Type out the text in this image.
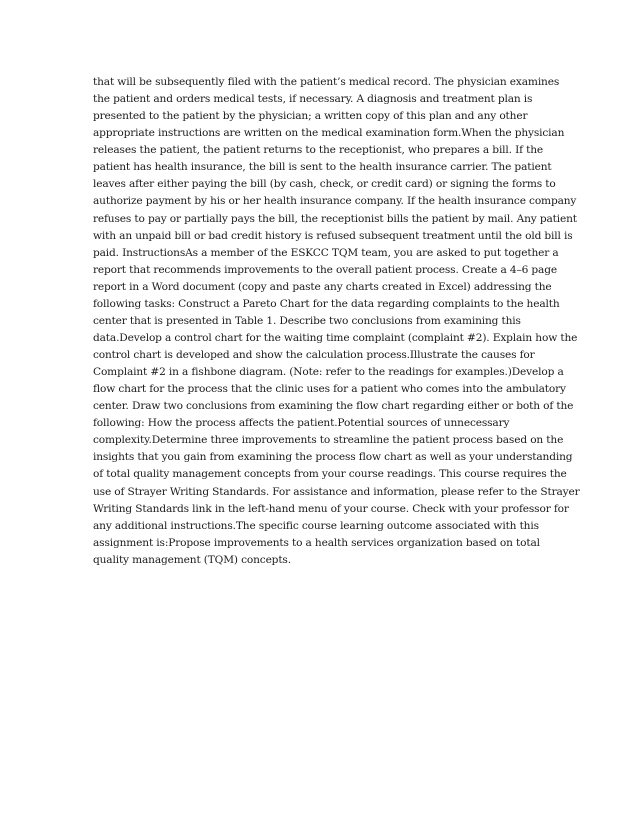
that will be subsequently filed with the patient’s medical record. The physician examines
the patient and orders medical tests, if necessary. A diagnosis and treatment plan is
presented to the patient by the physician; a written copy of this plan and any other
appropriate instructions are written on the medical examination form.When the physician
releases the patient, the patient returns to the receptionist, who prepares a bill. If the
patient has health insurance, the bill is sent to the health insurance carrier. The patient
leaves after either paying the bill (by cash, check, or credit card) or signing the forms to
authorize payment by his or her health insurance company. If the health insurance company
refuses to pay or partially pays the bill, the receptionist bills the patient by mail. Any patient
with an unpaid bill or bad credit history is refused subsequent treatment until the old bill is
paid. InstructionsAs a member of the ESKCC TQM team, you are asked to put together a
report that recommends improvements to the overall patient process. Create a 4–6 page
report in a Word document (copy and paste any charts created in Excel) addressing the
following tasks: Construct a Pareto Chart for the data regarding complaints to the health
center that is presented in Table 1. Describe two conclusions from examining this
data.Develop a control chart for the waiting time complaint (complaint #2). Explain how the
control chart is developed and show the calculation process.Illustrate the causes for
Complaint #2 in a fishbone diagram. (Note: refer to the readings for examples.)Develop a
flow chart for the process that the clinic uses for a patient who comes into the ambulatory
center. Draw two conclusions from examining the flow chart regarding either or both of the
following: How the process affects the patient.Potential sources of unnecessary
complexity.Determine three improvements to streamline the patient process based on the
insights that you gain from examining the process flow chart as well as your understanding
of total quality management concepts from your course readings. This course requires the
use of Strayer Writing Standards. For assistance and information, please refer to the Strayer
Writing Standards link in the left-hand menu of your course. Check with your professor for
any additional instructions.The specific course learning outcome associated with this
assignment is:Propose improvements to a health services organization based on total
quality management (TQM) concepts.
